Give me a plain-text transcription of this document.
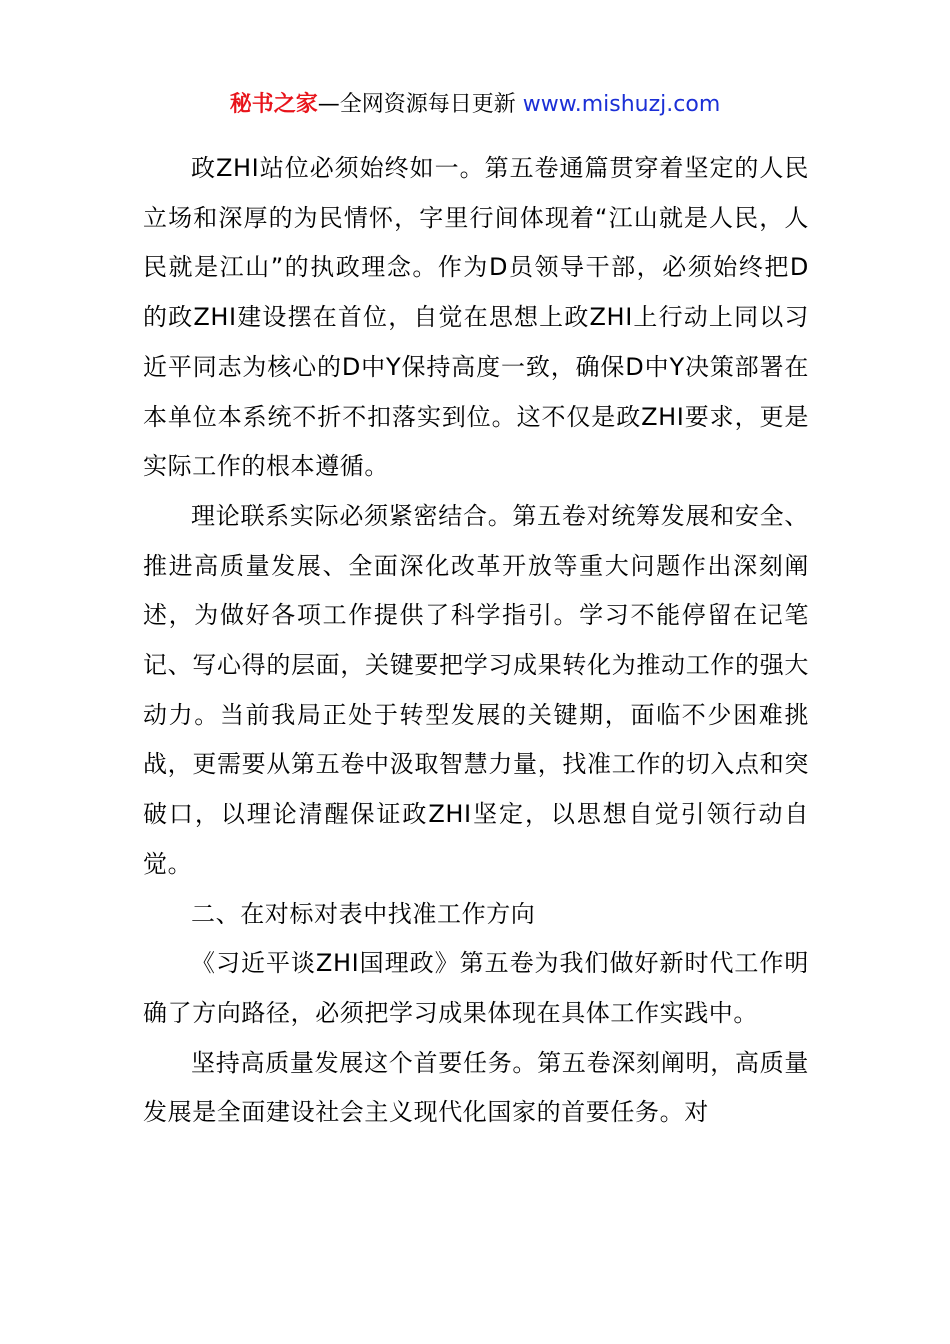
秘书之家—全网资源每日更新 www.mishuzj.com

政ZHI站位必须始终如一。第五卷通篇贯穿着坚定的人民立场和深厚的为民情怀，字里行间体现着“江山就是人民，人民就是江山”的执政理念。作为D员领导干部，必须始终把D的政ZHI建设摆在首位，自觉在思想上政ZHI上行动上同以习近平同志为核心的D中Y保持高度一致，确保D中Y决策部署在本单位本系统不折不扣落实到位。这不仅是政ZHI要求，更是实际工作的根本遵循。

理论联系实际必须紧密结合。第五卷对统筹发展和安全、推进高质量发展、全面深化改革开放等重大问题作出深刻阐述，为做好各项工作提供了科学指引。学习不能停留在记笔记、写心得的层面，关键要把学习成果转化为推动工作的强大动力。当前我局正处于转型发展的关键期，面临不少困难挑战，更需要从第五卷中汲取智慧力量，找准工作的切入点和突破口，以理论清醒保证政ZHI坚定，以思想自觉引领行动自觉。

二、在对标对表中找准工作方向

《习近平谈ZHI国理政》第五卷为我们做好新时代工作明确了方向路径，必须把学习成果体现在具体工作实践中。

坚持高质量发展这个首要任务。第五卷深刻阐明，高质量发展是全面建设社会主义现代化国家的首要任务。对
